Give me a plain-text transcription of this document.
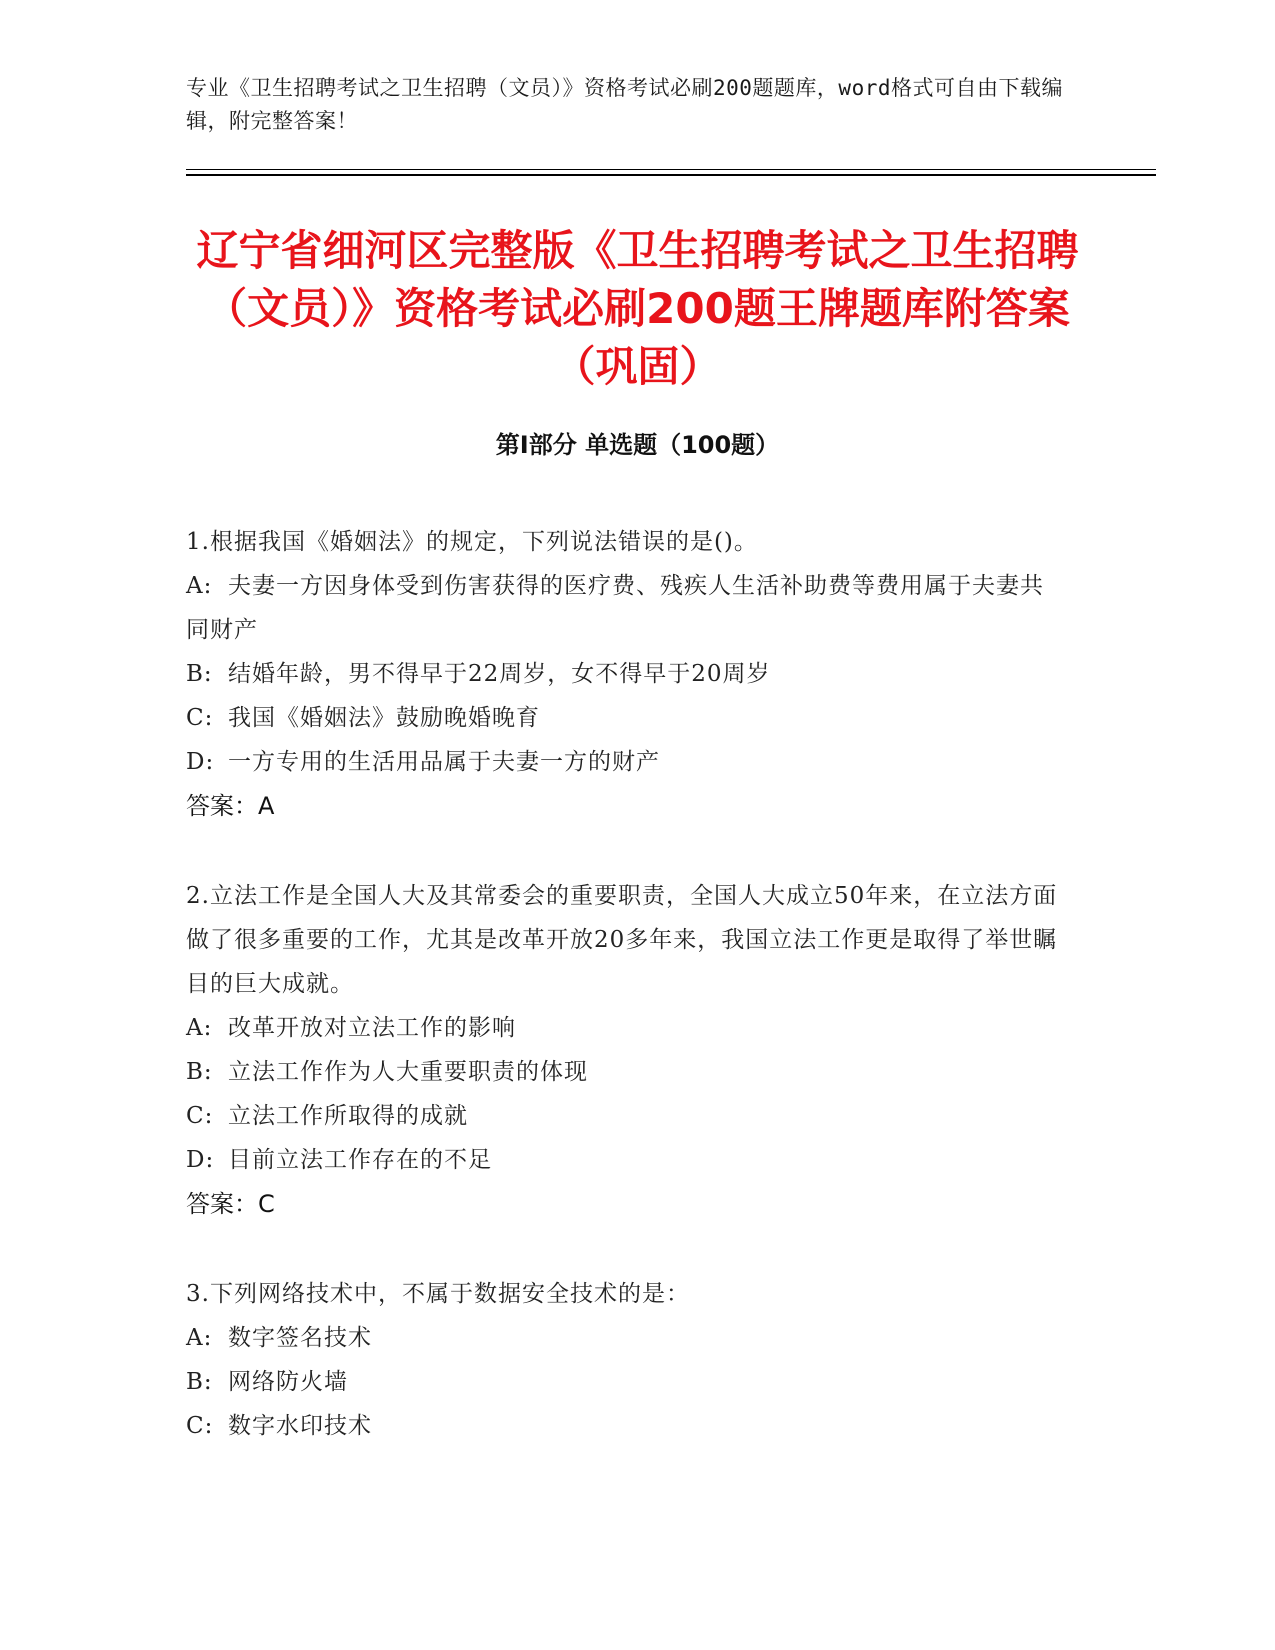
专业《卫生招聘考试之卫生招聘（文员）》资格考试必刷200题题库，word格式可自由下载编辑，附完整答案！
辽宁省细河区完整版《卫生招聘考试之卫生招聘（文员）》资格考试必刷200题王牌题库附答案（巩固）
第I部分 单选题（100题）

1.根据我国《婚姻法》的规定，下列说法错误的是()。

A: 夫妻一方因身体受到伤害获得的医疗费、残疾人生活补助费等费用属于夫妻共同财产

B: 结婚年龄，男不得早于22周岁，女不得早于20周岁

C: 我国《婚姻法》鼓励晚婚晚育

D: 一方专用的生活用品属于夫妻一方的财产

答案：A

2.立法工作是全国人大及其常委会的重要职责，全国人大成立50年来，在立法方面做了很多重要的工作，尤其是改革开放20多年来，我国立法工作更是取得了举世瞩目的巨大成就。

A: 改革开放对立法工作的影响

B: 立法工作作为人大重要职责的体现

C: 立法工作所取得的成就

D: 目前立法工作存在的不足

答案：C

3.下列网络技术中，不属于数据安全技术的是：

A: 数字签名技术

B: 网络防火墙

C: 数字水印技术
